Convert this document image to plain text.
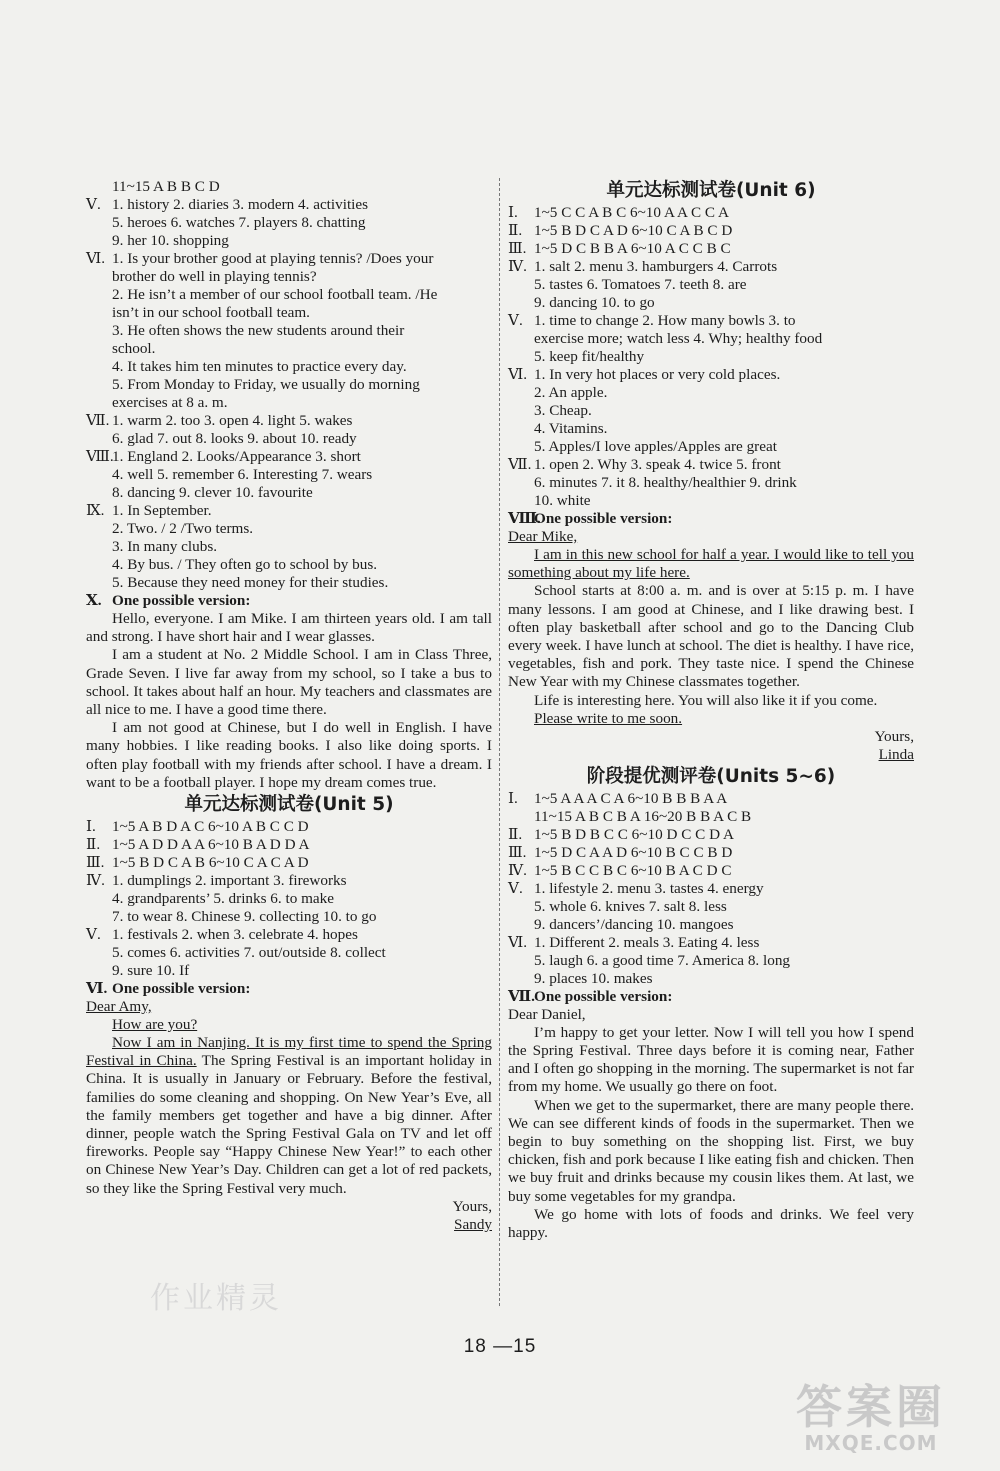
11~15 A B B C D
Ⅴ. 1. history 2. diaries 3. modern 4. activities
5. heroes 6. watches 7. players 8. chatting
9. her 10. shopping
Ⅵ. 1. Is your brother good at playing tennis? /Does your
brother do well in playing tennis?
2. He isn’t a member of our school football team. /He
isn’t in our school football team.
3. He often shows the new students around their
school.
4. It takes him ten minutes to practice every day.
5. From Monday to Friday, we usually do morning
exercises at 8 a. m.
Ⅶ. 1. warm 2. too 3. open 4. light 5. wakes
6. glad 7. out 8. looks 9. about 10. ready
Ⅷ.1. England 2. Looks/Appearance 3. short
4. well 5. remember 6. Interesting 7. wears
8. dancing 9. clever 10. favourite
Ⅸ. 1. In September.
2. Two. / 2 /Two terms.
3. In many clubs.
4. By bus. / They often go to school by bus.
5. Because they need money for their studies.
Ⅹ. One possible version:
Hello, everyone. I am Mike. I am thirteen years old. I am tall and strong. I have short hair and I wear glasses.
I am a student at No. 2 Middle School. I am in Class Three, Grade Seven. I live far away from my school, so I take a bus to school. It takes about half an hour. My teachers and classmates are all nice to me. I have a good time there.
I am not good at Chinese, but I do well in English. I have many hobbies. I like reading books. I also like doing sports. I often play football with my friends after school. I have a dream. I want to be a football player. I hope my dream comes true.
单元达标测试卷(Unit 5)
Ⅰ. 1~5 A B D A C 6~10 A B C C D
Ⅱ. 1~5 A D D A A 6~10 B A D D A
Ⅲ. 1~5 B D C A B 6~10 C A C A D
Ⅳ. 1. dumplings 2. important 3. fireworks
4. grandparents’ 5. drinks 6. to make
7. to wear 8. Chinese 9. collecting 10. to go
Ⅴ. 1. festivals 2. when 3. celebrate 4. hopes
5. comes 6. activities 7. out/outside 8. collect
9. sure 10. If
Ⅵ. One possible version:
Dear Amy,
How are you?
Now I am in Nanjing. It is my first time to spend the Spring Festival in China. The Spring Festival is an important holiday in China. It is usually in January or February. Before the festival, families do some cleaning and shopping. On New Year’s Eve, all the family members get together and have a big dinner. After dinner, people watch the Spring Festival Gala on TV and let off fireworks. People say “Happy Chinese New Year!” to each other on Chinese New Year’s Day. Children can get a lot of red packets, so they like the Spring Festival very much.
Yours,
Sandy
单元达标测试卷(Unit 6)
Ⅰ. 1~5 C C A B C 6~10 A A C C A
Ⅱ. 1~5 B D C A D 6~10 C A B C D
Ⅲ. 1~5 D C B B A 6~10 A C C B C
Ⅳ. 1. salt 2. menu 3. hamburgers 4. Carrots
5. tastes 6. Tomatoes 7. teeth 8. are
9. dancing 10. to go
Ⅴ. 1. time to change 2. How many bowls 3. to
exercise more; watch less 4. Why; healthy food
5. keep fit/healthy
Ⅵ. 1. In very hot places or very cold places.
2. An apple.
3. Cheap.
4. Vitamins.
5. Apples/I love apples/Apples are great
Ⅶ. 1. open 2. Why 3. speak 4. twice 5. front
6. minutes 7. it 8. healthy/healthier 9. drink
10. white
Ⅷ.One possible version:
Dear Mike,
I am in this new school for half a year. I would like to tell you something about my life here.
School starts at 8:00 a. m. and is over at 5:15 p. m. I have many lessons. I am good at Chinese, and I like drawing best. I often play basketball after school and go to the Dancing Club every week. I have lunch at school. The diet is healthy. I have rice, vegetables, fish and pork. They taste nice. I spend the Chinese New Year with my Chinese classmates together.
Life is interesting here. You will also like it if you come.
Please write to me soon.
Yours,
Linda
阶段提优测评卷(Units 5~6)
Ⅰ. 1~5 A A A C A 6~10 B B B A A
11~15 A B C B A 16~20 B B A C B
Ⅱ. 1~5 B D B C C 6~10 D C C D A
Ⅲ. 1~5 D C A A D 6~10 B C C B D
Ⅳ. 1~5 B C C B C 6~10 B A C D C
Ⅴ. 1. lifestyle 2. menu 3. tastes 4. energy
5. whole 6. knives 7. salt 8. less
9. dancers’/dancing 10. mangoes
Ⅵ. 1. Different 2. meals 3. Eating 4. less
5. laugh 6. a good time 7. America 8. long
9. places 10. makes
Ⅶ.One possible version:
Dear Daniel,
I’m happy to get your letter. Now I will tell you how I spend the Spring Festival. Three days before it is coming near, Father and I often go shopping in the morning. The supermarket is not far from my home. We usually go there on foot.
When we get to the supermarket, there are many people there. We can see different kinds of foods in the supermarket. Then we begin to buy something on the shopping list. First, we buy chicken, fish and pork because I like eating fish and chicken. Then we buy fruit and drinks because my cousin likes them. At last, we buy some vegetables for my grandpa.
We go home with lots of foods and drinks. We feel very happy.
作业精灵
18 —15
答案圈
MXQE.COM
